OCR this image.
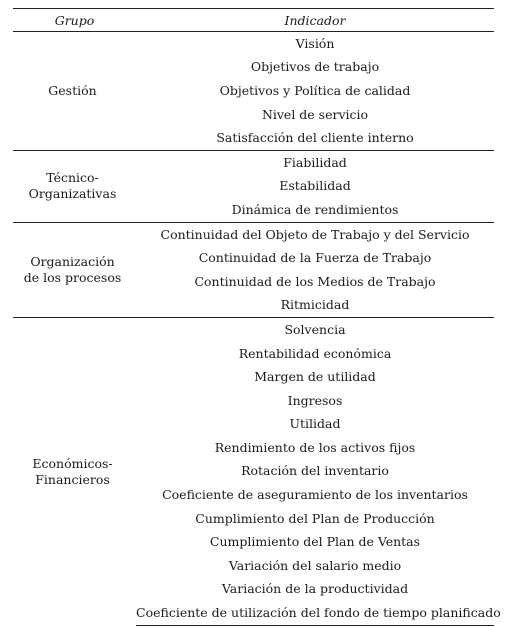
Grupo	Indicador

Gestión	Visión
	Objetivos de trabajo
	Objetivos y Política de calidad
	Nivel de servicio
	Satisfacción del cliente interno

Técnico-
Organizativas	Fiabilidad
	Estabilidad
	Dinámica de rendimientos

Organización
de los procesos	Continuidad del Objeto de Trabajo y del Servicio
	Continuidad de la Fuerza de Trabajo
	Continuidad de los Medios de Trabajo
	Ritmicidad

Económicos-
Financieros	Solvencia
	Rentabilidad económica
	Margen de utilidad
	Ingresos
	Utilidad
	Rendimiento de los activos fijos
	Rotación del inventario
	Coeficiente de aseguramiento de los inventarios
	Cumplimiento del Plan de Producción
	Cumplimiento del Plan de Ventas
	Variación del salario medio
	Variación de la productividad
	Coeficiente de utilización del fondo de tiempo planificado
